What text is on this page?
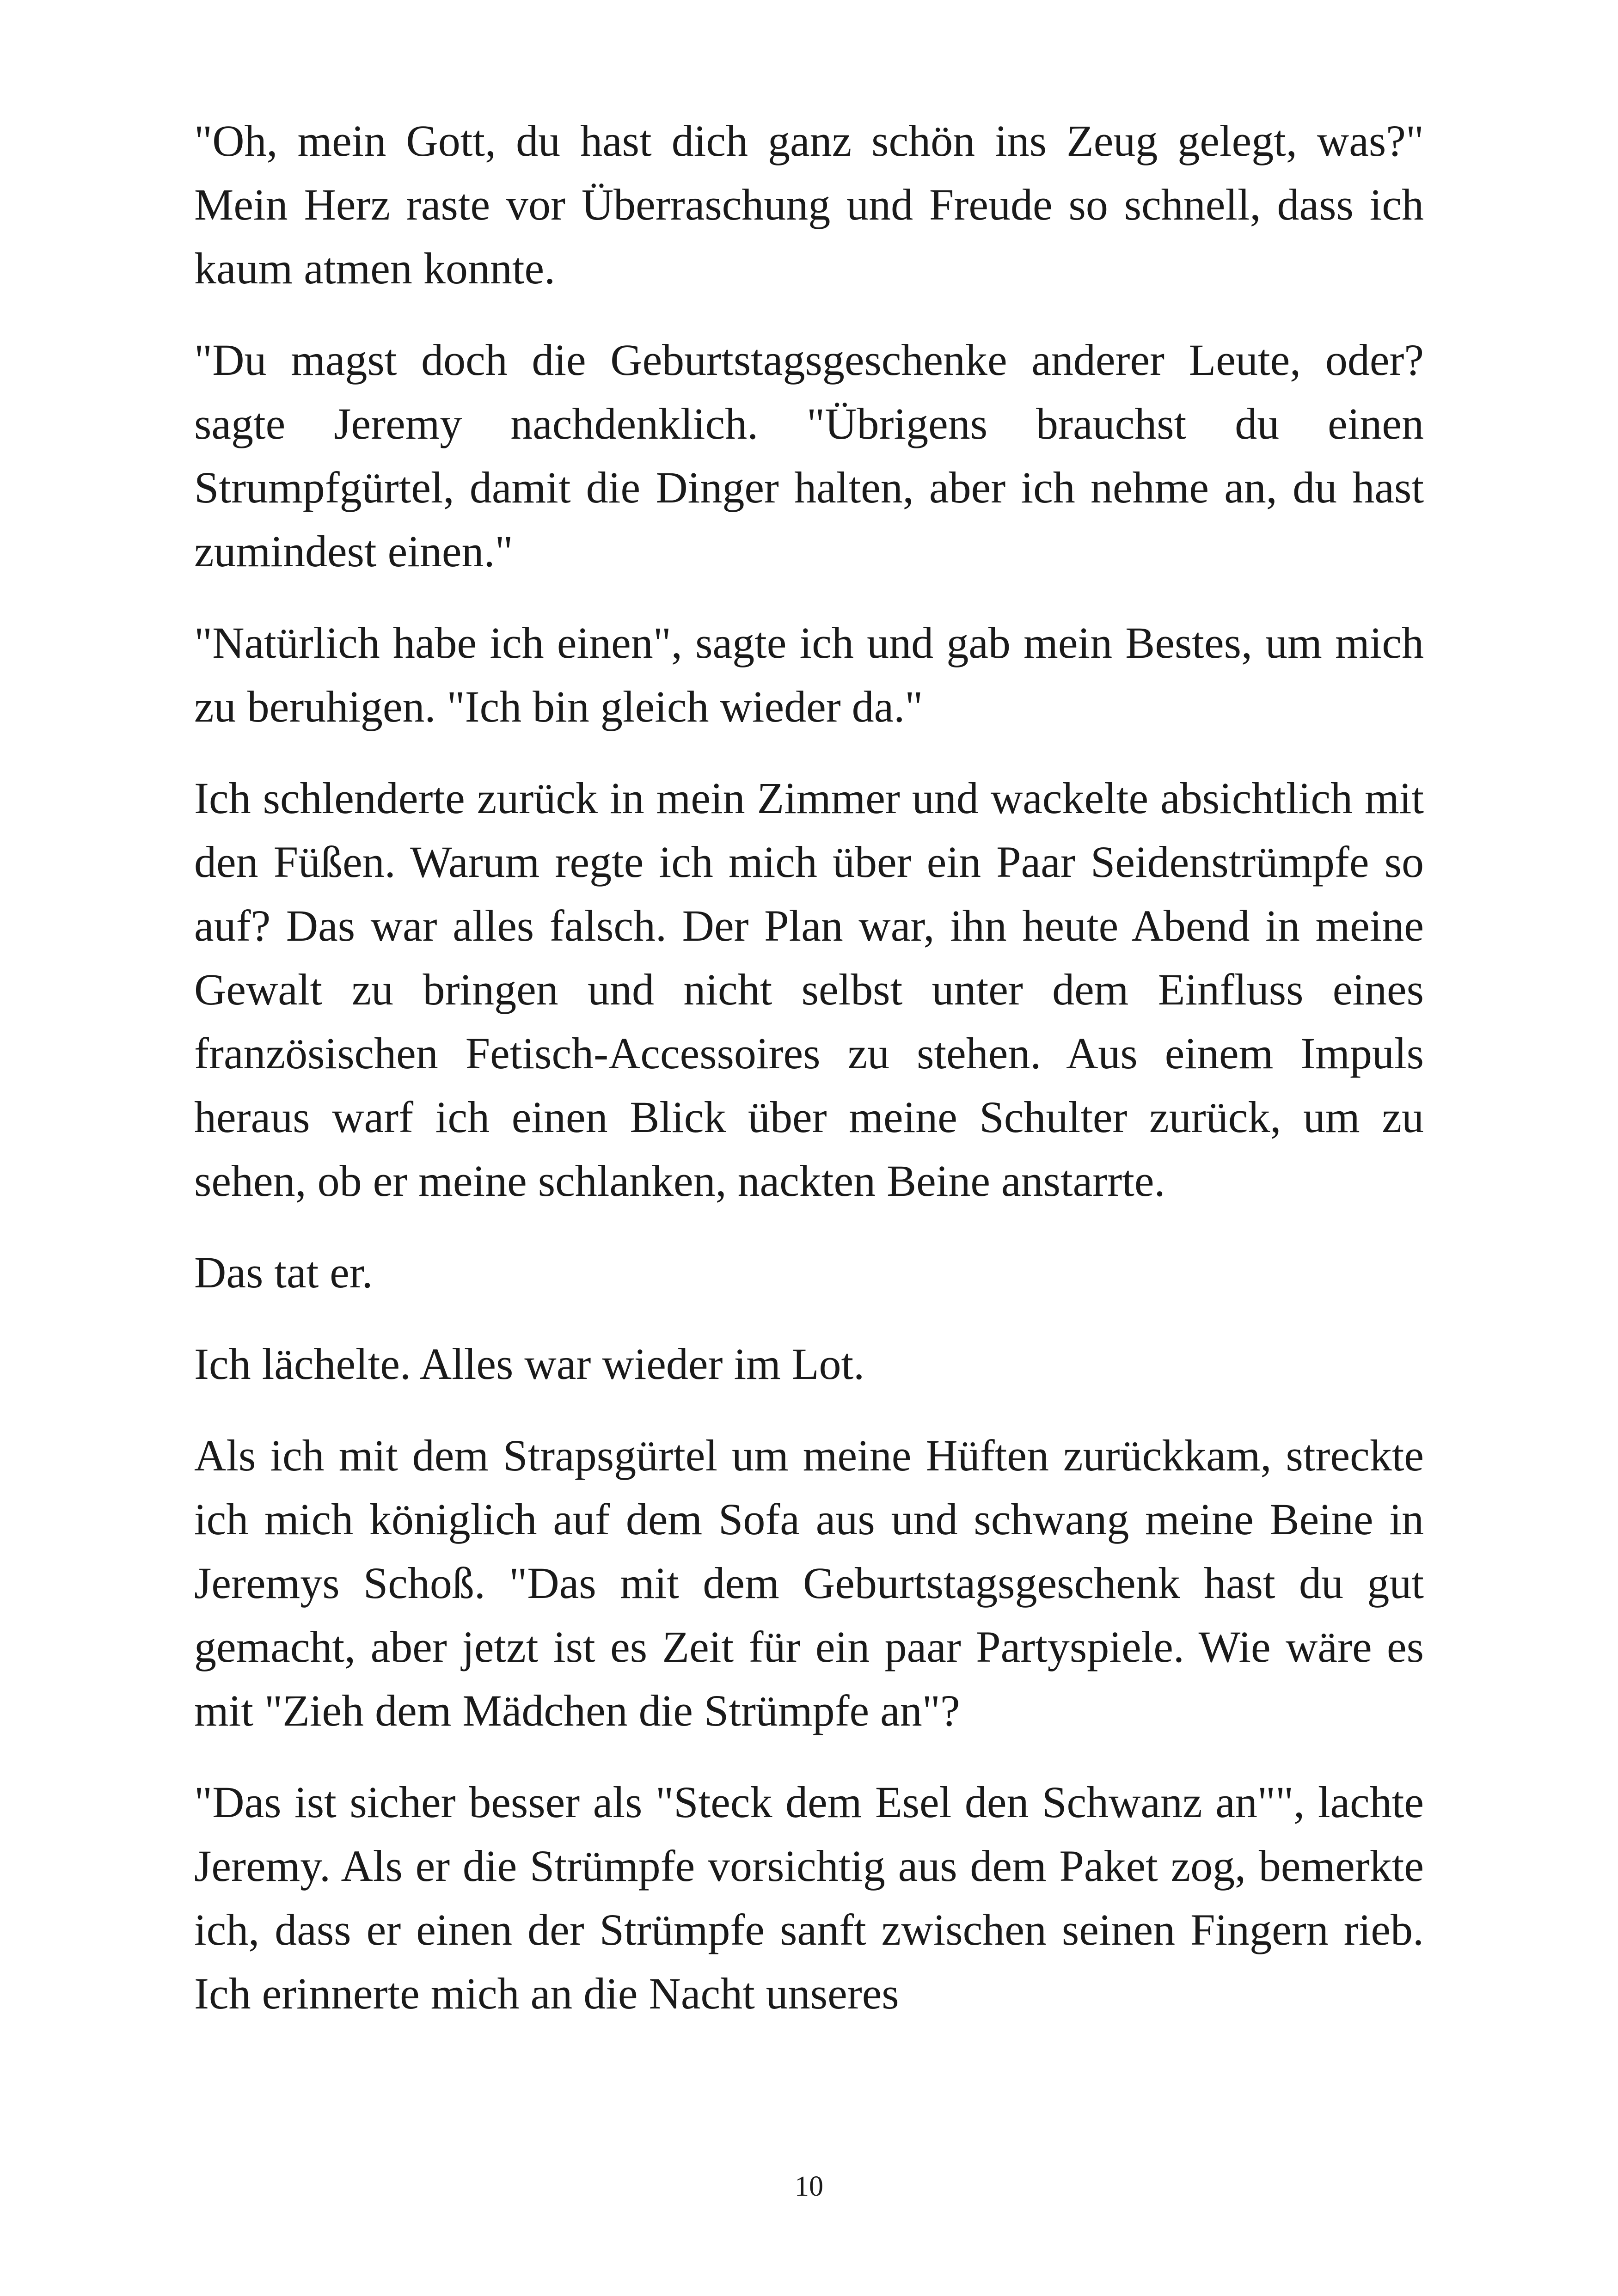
"Oh, mein Gott, du hast dich ganz schön ins Zeug gelegt, was?" Mein Herz raste vor Überraschung und Freude so schnell, dass ich kaum atmen konnte.

"Du magst doch die Geburtstagsgeschenke anderer Leute, oder? sagte Jeremy nachdenklich. "Übrigens brauchst du einen Strumpfgürtel, damit die Dinger halten, aber ich nehme an, du hast zumindest einen."

"Natürlich habe ich einen", sagte ich und gab mein Bestes, um mich zu beruhigen. "Ich bin gleich wieder da."

Ich schlenderte zurück in mein Zimmer und wackelte absichtlich mit den Füßen. Warum regte ich mich über ein Paar Seidenstrümpfe so auf? Das war alles falsch. Der Plan war, ihn heute Abend in meine Gewalt zu bringen und nicht selbst unter dem Einfluss eines französischen Fetisch-Accessoires zu stehen. Aus einem Impuls heraus warf ich einen Blick über meine Schulter zurück, um zu sehen, ob er meine schlanken, nackten Beine anstarrte.

Das tat er.

Ich lächelte. Alles war wieder im Lot.

Als ich mit dem Strapsgürtel um meine Hüften zurückkam, streckte ich mich königlich auf dem Sofa aus und schwang meine Beine in Jeremys Schoß. "Das mit dem Geburtstagsgeschenk hast du gut gemacht, aber jetzt ist es Zeit für ein paar Partyspiele. Wie wäre es mit "Zieh dem Mädchen die Strümpfe an"?

"Das ist sicher besser als "Steck dem Esel den Schwanz an"", lachte Jeremy. Als er die Strümpfe vorsichtig aus dem Paket zog, bemerkte ich, dass er einen der Strümpfe sanft zwischen seinen Fingern rieb. Ich erinnerte mich an die Nacht unseres

10
